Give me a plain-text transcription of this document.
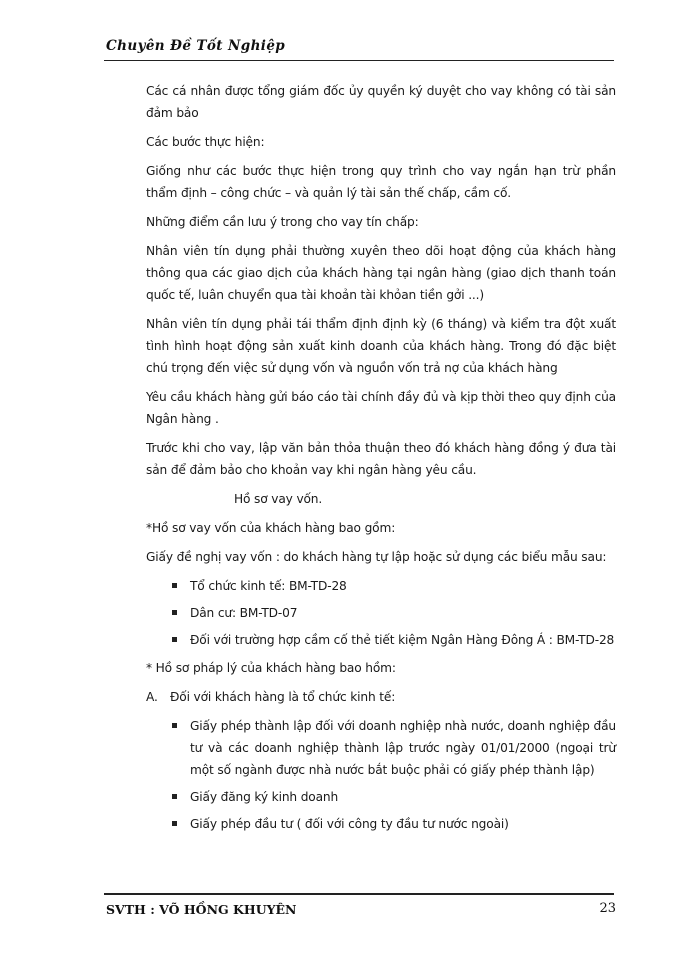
Chuyên Đề Tốt Nghiệp

Các cá nhân được tổng giám đốc ủy quyền ký duyệt cho vay không có tài sản đảm bảo

Các bước thực hiện:

Giống như các bước thực hiện trong quy trình cho vay ngắn hạn trừ phần thẩm định – công chức – và quản lý tài sản thế chấp, cầm cố.

Những điểm cần lưu ý trong cho vay tín chấp:

Nhân viên tín dụng phải thường xuyên theo dõi hoạt động của khách hàng thông qua các giao dịch của khách hàng tại ngân hàng (giao dịch thanh toán quốc tế, luân chuyển qua tài khoản tài khỏan tiền gởi ...)

Nhân viên tín dụng phải tái thẩm định định kỳ (6 tháng) và kiểm tra đột xuất tình hình hoạt động sản xuất kinh doanh của khách hàng. Trong đó đặc biệt chú trọng đến việc sử dụng vốn và nguồn vốn trả nợ của khách hàng

Yêu cầu khách hàng gửi báo cáo tài chính đầy đủ và kịp thời theo quy định của Ngân hàng .

Trước khi cho vay, lập văn bản thỏa thuận theo đó khách hàng đồng ý đưa tài sản để đảm bảo cho khoản vay khi ngân hàng yêu cầu.

Hồ sơ vay vốn.

*Hồ sơ vay vốn của khách hàng bao gồm:

Giấy đề nghị vay vốn : do khách hàng tự lập hoặc sử dụng các biểu mẫu sau:

Tổ chức kinh tế: BM-TD-28
Dân cư: BM-TD-07
Đối với trường hợp cầm cố thẻ tiết kiệm Ngân Hàng Đông Á : BM-TD-28

* Hồ sơ pháp lý của khách hàng bao hồm:

A. Đối với khách hàng là tổ chức kinh tế:

Giấy phép thành lập đối với doanh nghiệp nhà nước, doanh nghiệp đầu tư và các doanh nghiệp thành lập trước ngày 01/01/2000 (ngoại trừ một số ngành được nhà nước bắt buộc phải có giấy phép thành lập)
Giấy đăng ký kinh doanh
Giấy phép đầu tư ( đối với công ty đầu tư nước ngoài)
SVTH : VÕ HỒNG KHUYÊN	23
